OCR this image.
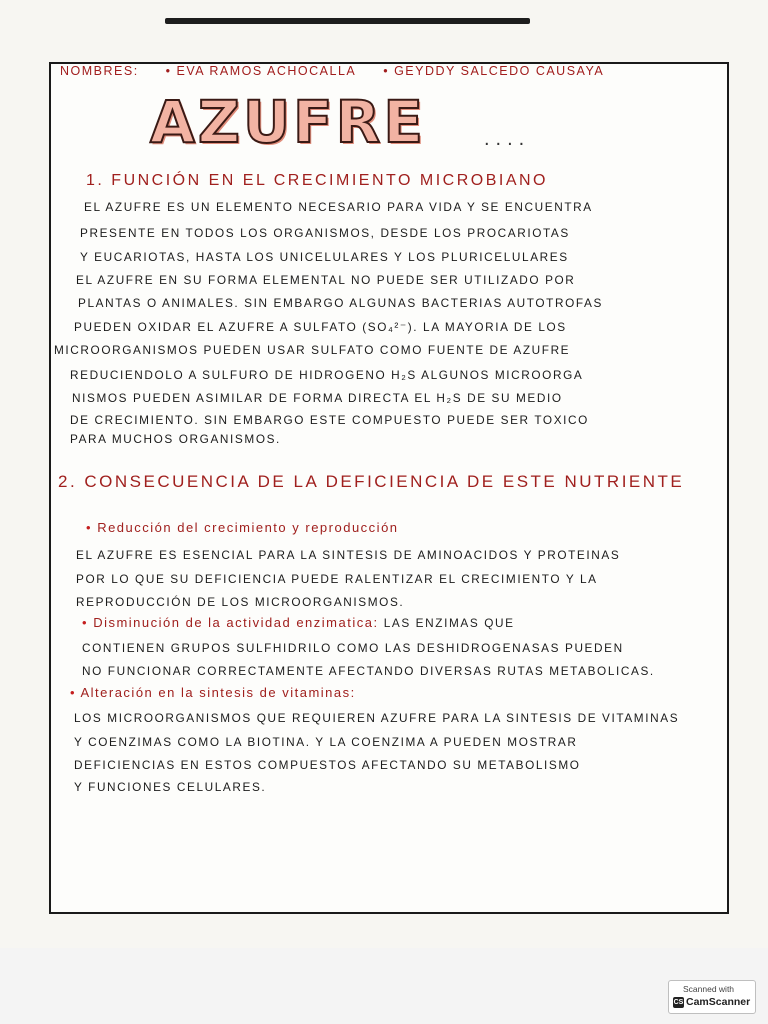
NOMBRES: • EVA RAMOS ACHOCALLA • GEYDDY SALCEDO CAUSAYA
AZUFRE	....
1. FUNCIÓN EN EL CRECIMIENTO MICROBIANO
EL AZUFRE ES UN ELEMENTO NECESARIO PARA VIDA Y SE ENCUENTRA
PRESENTE EN TODOS LOS ORGANISMOS, DESDE LOS PROCARIOTAS
Y EUCARIOTAS, HASTA LOS UNICELULARES Y LOS PLURICELULARES
EL AZUFRE EN SU FORMA ELEMENTAL NO PUEDE SER UTILIZADO POR
PLANTAS O ANIMALES. SIN EMBARGO ALGUNAS BACTERIAS AUTOTROFAS
PUEDEN OXIDAR EL AZUFRE A SULFATO (SO₄²⁻). LA MAYORIA DE LOS
MICROORGANISMOS PUEDEN USAR SULFATO COMO FUENTE DE AZUFRE
REDUCIENDOLO A SULFURO DE HIDROGENO H₂S ALGUNOS MICROORGA
NISMOS PUEDEN ASIMILAR DE FORMA DIRECTA EL H₂S DE SU MEDIO
DE CRECIMIENTO. SIN EMBARGO ESTE COMPUESTO PUEDE SER TOXICO
PARA MUCHOS ORGANISMOS.
2. CONSECUENCIA DE LA DEFICIENCIA DE ESTE NUTRIENTE
• Reducción del crecimiento y reproducción
EL AZUFRE ES ESENCIAL PARA LA SINTESIS DE AMINOACIDOS Y PROTEINAS
POR LO QUE SU DEFICIENCIA PUEDE RALENTIZAR EL CRECIMIENTO Y LA
REPRODUCCIÓN DE LOS MICROORGANISMOS.
• Disminución de la actividad enzimatica: LAS ENZIMAS QUE
CONTIENEN GRUPOS SULFHIDRILO COMO LAS DESHIDROGENASAS PUEDEN
NO FUNCIONAR CORRECTAMENTE AFECTANDO DIVERSAS RUTAS METABOLICAS.
• Alteración en la sintesis de vitaminas:
LOS MICROORGANISMOS QUE REQUIEREN AZUFRE PARA LA SINTESIS DE VITAMINAS
Y COENZIMAS COMO LA BIOTINA. Y LA COENZIMA A PUEDEN MOSTRAR
DEFICIENCIAS EN ESTOS COMPUESTOS AFECTANDO SU METABOLISMO
Y FUNCIONES CELULARES.
Scanned with
CS CamScanner
